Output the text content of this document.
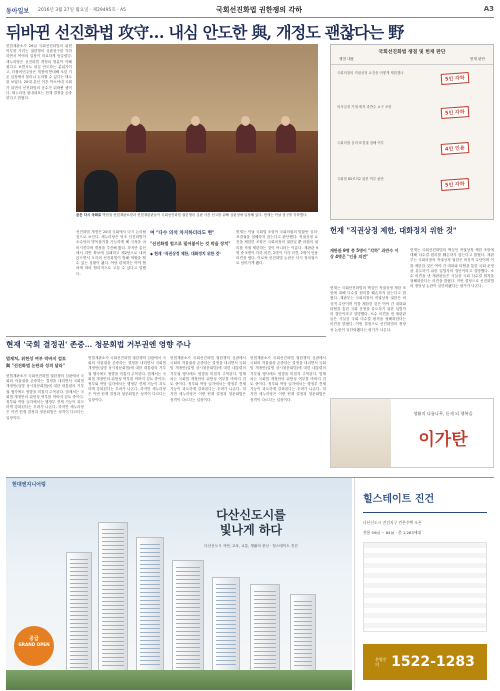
동아일보 2016년 3월 27일 월요일 · 제29495호 · A5	국회선진화법 권한쟁의 각하	A3
뒤바뀐 선진화법 攻守… 내심 안도한 與, 개정도 괜찮다는 野
헌법재판소가 26일 국회선진화법의 위헌 여부를 가리는 권한쟁의 심판청구를 각하하면서 여야의 입장이 미묘하게 엇갈렸다. 새누리당은 선진화법 개정의 명분이 약해졌다고 보면서도 내심 안도하는 분위기이고, 더불어민주당은 개정에 반대해 오던 기존 입장에서 물러나 논의할 수 있다는 태도를 보였다. 20대 총선 이후 여소야대 국회가 되면서 선진화법의 공수가 뒤바뀐 셈이다. 새누리당 원내대표는 헌재 결정을 존중한다고 밝혔다.
굳은 다시 국회로 박한철 헌법재판소장과 헌법재판관들이 국회선진화법 권한쟁의 심판 사건 선고를 위해 심판정에 입장해 있다. 헌재는 이날 청구를 각하했다.
국회선진화법 쟁점 및 헌재 판단
쟁점 내용	헌재 판단
국회의장의 직권상정 요건을 어떻게 제한했나
5인 각하
의사일정 기재·재적 과반수 요구 조항
5인 각하
국회의원 심의·표결권 침해 여부
4인 인용
국회법 85조의2 위헌 여부 판단
5인 각하
선진화법 개정은 20대 국회에서 다시 논의될 것으로 보인다. 새누리당은 당초 선진화법이 소수당의 발목잡기를 가능하게 해 국정을 마비시킨다며 개정을 추진해 왔다. 하지만 총선에서 과반 확보에 실패하고 제2당으로 내려앉으면서 오히려 선진화법이 방패 역할을 할 수 있는 상황이 됐다. 야당 관계자는 여야 협의에 따라 합리적으로 고칠 수 있다고 말했다.
여 "다수 의석 차지하더라도 현"
"선진화법 힘으로 밀어붙이는 것 막을 장치"
◆ 헌재 "직권상정 제한, 대화정치 위한 것"
헌재는 이날 국회법 조항이 국회의원의 법률안 심의·표결권을 침해하지 않는다고 판단했다. 직권상정 요건을 제한한 조항은 국회의장의 권한일 뿐 의원의 권리를 직접 제한하는 것이 아니라는 이유다. 재판관 9명 중 5명이 각하 의견, 2명이 기각 의견, 2명이 인용 의견을 냈다. 이로써 선진화법 논란은 다시 정치권으로 넘어가게 됐다.
헌재 "직권상정 제한, 대화정치 위한 것"
재판관 9명 중 5명이 "각하" 과반수 이상 4명은 "인용 의견"
헌재는 국회선진화법의 핵심인 직권상정 제한 조항에 대해 다수결 원리를 훼손하지 않는다고 밝혔다. 재판부는 국회의장의 직권상정 권한은 비상적 수단이며 이를 제한한 것은 여야 간 대화와 타협을 통한 국회 운영을 유도하기 위한 입법자의 결단이라고 설명했다. 소수 의견을 낸 재판관들은 사실상 국회 다수결 원칙을 형해화한다는 의견을 밝혔다. 이번 결정으로 선진화법의 정당성 논란이 일단락됐다는 평가가 나온다.
헌재는 국회선진화법의 핵심인 직권상정 제한 조항에 대해 다수결 원리를 훼손하지 않는다고 밝혔다. 재판부는 국회의장의 직권상정 권한은 비상적 수단이며 이를 제한한 것은 여야 간 대화와 타협을 통한 국회 운영을 유도하기 위한 입법자의 결단이라고 설명했다. 소수 의견을 낸 재판관들은 사실상 국회 다수결 원칙을 형해화한다는 의견을 밝혔다. 이번 결정으로 선진화법의 정당성 논란이 일단락됐다는 평가가 나온다.
현재 '국회 결정권' 존중… 청문회법 거부권엔 영향 주나
법제처, 위헌성 여부 막바지 검토
與 "선진화법 논란과 성격 달라"
헌법재판소가 국회선진화법 권한쟁의 심판에서 국회의 자율권을 존중하는 결정을 내리면서 국회법 개정안(일명 상시청문회법)에 대한 대통령의 거부권 행사에도 영향을 미칠지 주목된다. 법제처는 국회법 개정안의 위헌성 여부를 막바지 검토 중이다. 정부와 여당 일각에서는 행정부 견제 기능이 과도하게 강화된다는 우려가 나온다. 하지만 새누리당은 이번 헌재 결정과 청문회법은 성격이 다르다는 입장이다.
헌법재판소가 국회선진화법 권한쟁의 심판에서 국회의 자율권을 존중하는 결정을 내리면서 국회법 개정안(일명 상시청문회법)에 대한 대통령의 거부권 행사에도 영향을 미칠지 주목된다. 법제처는 국회법 개정안의 위헌성 여부를 막바지 검토 중이다. 정부와 여당 일각에서는 행정부 견제 기능이 과도하게 강화된다는 우려가 나온다. 하지만 새누리당은 이번 헌재 결정과 청문회법은 성격이 다르다는 입장이다.
헌법재판소가 국회선진화법 권한쟁의 심판에서 국회의 자율권을 존중하는 결정을 내리면서 국회법 개정안(일명 상시청문회법)에 대한 대통령의 거부권 행사에도 영향을 미칠지 주목된다. 법제처는 국회법 개정안의 위헌성 여부를 막바지 검토 중이다. 정부와 여당 일각에서는 행정부 견제 기능이 과도하게 강화된다는 우려가 나온다. 하지만 새누리당은 이번 헌재 결정과 청문회법은 성격이 다르다는 입장이다.
헌법재판소가 국회선진화법 권한쟁의 심판에서 국회의 자율권을 존중하는 결정을 내리면서 국회법 개정안(일명 상시청문회법)에 대한 대통령의 거부권 행사에도 영향을 미칠지 주목된다. 법제처는 국회법 개정안의 위헌성 여부를 막바지 검토 중이다. 정부와 여당 일각에서는 행정부 견제 기능이 과도하게 강화된다는 우려가 나온다. 하지만 새누리당은 이번 헌재 결정과 청문회법은 성격이 다르다는 입장이다.
생활의 다름나무, 듣게 되 행복을
이가탄
현대엔지니어링
다산신도시를
빛나게 하다
다산신도시 자연, 교육, 교통, 생활의 중심 · 힐스테이트 진건
공급
GRAND OPEN
힐스테이트 진건
다산신도시 진건지구 견본주택 오픈
전용 59㎡ ~ 84㎡ · 총 1,283세대
분양문의 1522-1283
